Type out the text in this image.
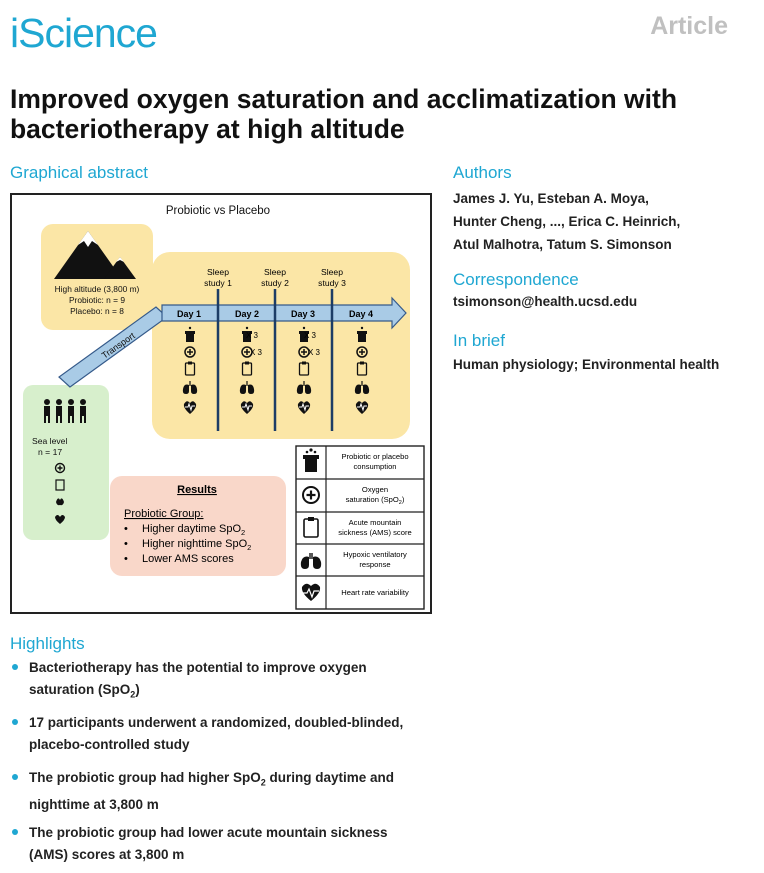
iScience	Article
Improved oxygen saturation and acclimatization with bacteriotherapy at high altitude
Graphical abstract	Authors
James J. Yu, Esteban A. Moya,
Hunter Cheng, ..., Erica C. Heinrich,
Atul Malhotra, Tatum S. Simonson
Correspondence
tsimonson@health.ucsd.edu
In brief
Human physiology; Environmental health
Probiotic vs Placebo
High altitude (3,800 m)
Probiotic: n = 9
Placebo: n = 8
Sea level
n = 17
Transport
Day 1	Day 2	Day 3	Day 4
Sleep
study 1
Sleep
study 2
Sleep
study 3
X 3
X 3
X 3
X 3
Results
Probiotic Group:
• Higher daytime SpO$_2$
• Higher nighttime SpO$_2$
• Lower AMS scores
Probiotic or placebo
consumption
Oxygen
saturation (SpO$_2$)
Acute mountain
sickness (AMS) score
Hypoxic ventilatory
response
Heart rate variability
Highlights
Bacteriotherapy has the potential to improve oxygen
saturation (SpO$_2$)
17 participants underwent a randomized, doubled-blinded,
placebo-controlled study
The probiotic group had higher SpO$_2$ during daytime and
nighttime at 3,800 m
The probiotic group had lower acute mountain sickness
(AMS) scores at 3,800 m
